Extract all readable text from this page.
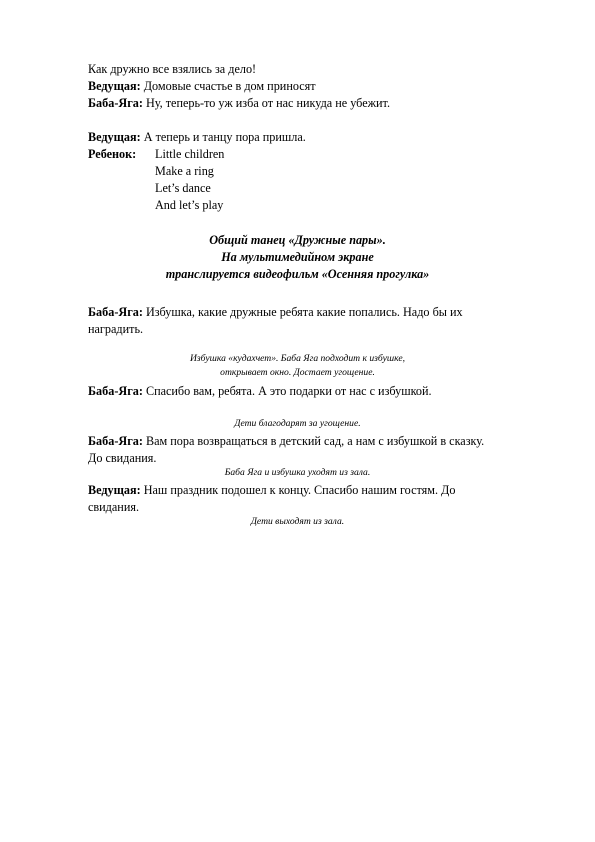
Как дружно все взялись за дело!
Ведущая: Домовые счастье в дом приносят
Баба-Яга: Ну, теперь-то уж изба от нас никуда не убежит.
Ведущая: А теперь и танцу пора пришла.
Ребенок: Little children
Make a ring
Let’s dance
And let’s play
Общий танец «Дружные пары».
На мультимедийном экране
транслируется видеофильм «Осенняя прогулка»
Баба-Яга: Избушка, какие дружные ребята какие попались. Надо бы их
наградить.
Избушка «кудахчет». Баба Яга подходит к избушке,
открывает окно. Достает угощение.
Баба-Яга: Спасибо вам, ребята. А это подарки от нас с избушкой.
Дети благодарят за угощение.
Баба-Яга: Вам пора возвращаться в детский сад, а нам с избушкой в сказку.
До свидания.
Баба Яга и избушка уходят из зала.
Ведущая: Наш праздник подошел к концу. Спасибо нашим гостям. До
свидания.
Дети выходят из зала.
